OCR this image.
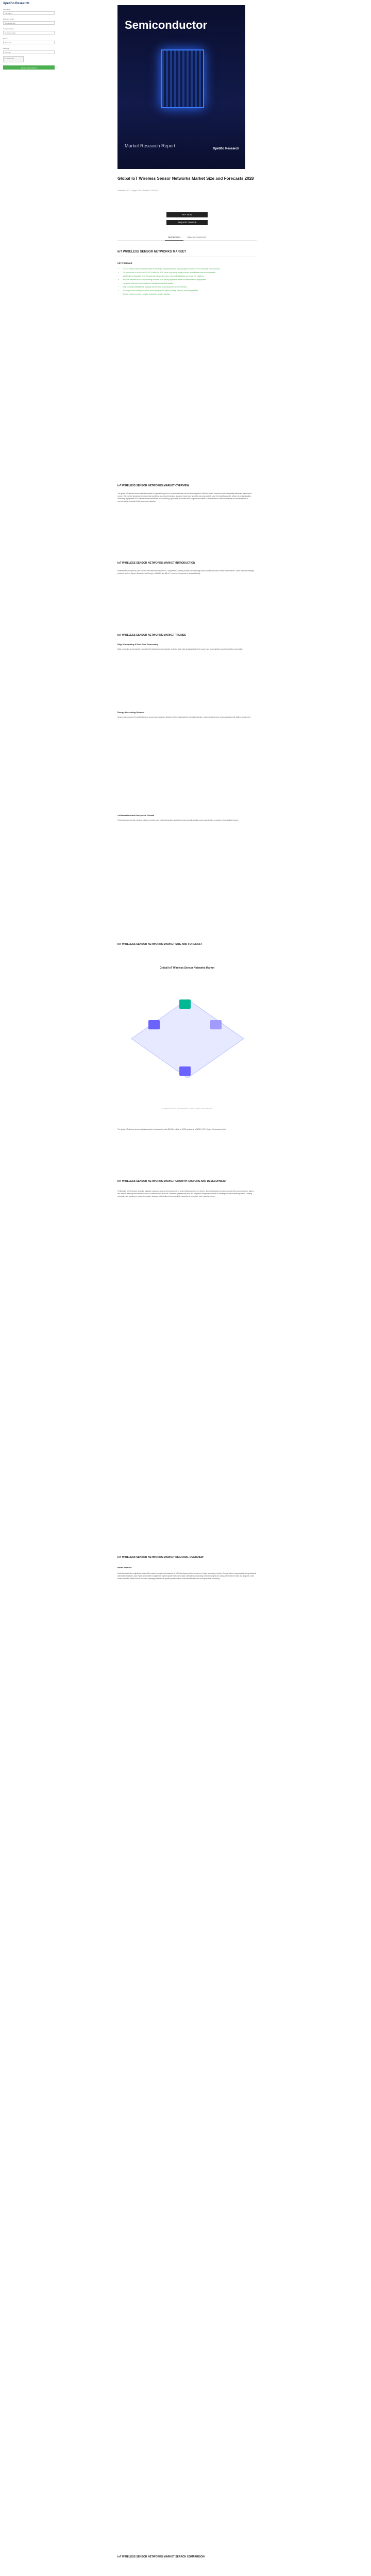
Xpetifio Research
Full Name
Full Name
Business Email
Business Email
Company Name
Company Name
Phone
Phone No.
Message
Message
I'm not a robot
DOWNLOAD SAMPLE
Semiconductor
Market Research Report
Xpetifio Research
Global IoT Wireless Sensor Networks Market Size and Forecasts 2028
Published: 2022 | Pages: 190 | Report ID: SR-2019
BUY NOW
REQUEST SAMPLE
DESCRIPTION	TABLE OF CONTENTS
IoT WIRELESS SENSOR NETWORKS MARKET
KEY FINDINGS
• The IoT wireless sensor networks market is witnessing substantial growth, with a projected CAGR of 27.1% during the forecast period.
• The market size is set to reach $4,542.4 million by 2028, driven by growing adoption across smart infrastructure and automation.
• Asia-Pacific is anticipated to be the fastest-growing region due to rapid industrialization and smart city initiatives.
• Industrial automation and smart buildings continue to be the key application areas for wireless sensor deployments.
• Low-power wide-area technologies are reshaping connectivity options.
• Edge computing integration is enabling real-time data processing within sensor networks.
• Key players are investing in research and development to improve energy efficiency and interoperability.
• Security concerns remain a notable restraint for broader adoption.
IoT WIRELESS SENSOR NETWORKS MARKET OVERVIEW
The global IoT wireless sensor networks market is expected to grow at a considerable rate over the forecast period. Wireless sensor networks consist of spatially distributed autonomous sensors that monitor physical or environmental conditions, such as temperature, sound, pressure and humidity, and cooperatively pass their data through the network to a main location. Increasing deployment of IoT devices across healthcare, manufacturing, agriculture, and smart cities supports the market. Cost reductions in sensor hardware and advancements in communication protocols further accelerate adoption.
IoT WIRELESS SENSOR NETWORKS MARKET INTRODUCTION
Wireless sensor networks have become the backbone of modern IoT ecosystems, allowing continuous monitoring across remote and hard-to-reach environments. These networks leverage protocols such as Zigbee, Bluetooth Low Energy, LoRaWAN and NB-IoT to connect thousands of nodes efficiently.
IoT WIRELESS SENSOR NETWORKS MARKET TRENDS
Edge Computing & Real-Time Processing
Edge computing is increasingly integrated with wireless sensor networks, enabling faster data analysis close to the source and reducing latency and bandwidth consumption.
Energy Harvesting Sensors
Sensor nodes powered by ambient energy sources such as solar, vibration and thermal gradients are gaining traction, reducing maintenance costs associated with battery replacement.
Collaboration and Ecosystem Growth
Partnerships among chip vendors, platform providers and system integrators are fostering interoperable solutions and expanding the ecosystem of compatible devices.
IoT WIRELESS SENSOR NETWORKS MARKET SIZE AND FORECAST
Global IoT Wireless Sensor Networks Market
IoT Wireless Sensor Networks Market - Market Analysis Forecast Period
The global IoT wireless sensor networks market is projected to reach $4,542.4 million by 2028, growing at a CAGR of 27.1% over the forecast period.
IoT WIRELESS SENSOR NETWORKS MARKET GROWTH FACTORS AND DEVELOPMENT
Proliferation of IoT devices, declining hardware costs and government investments in smart infrastructure are key drivers. Market development is also supported by improvements in battery life, network reliability and standardization of communication protocols. However, cybersecurity risks and integration complexity continue to challenge broader market expansion. Leading companies are focusing on product innovation, strategic collaborations and geographic expansion to strengthen their market presence.
IoT WIRELESS SENSOR NETWORKS MARKET REGIONAL OVERVIEW
North America
North America holds a significant share of the market owing to early adoption of IoT technologies and the presence of major technology vendors. Europe follows, supported by strong industrial automation initiatives. Asia-Pacific is expected to register the highest growth rate due to rapid urbanization, expanding manufacturing sectors and government-led smart city programs. Latin America and the Middle East & Africa are emerging markets with growing investments in connected infrastructure and agricultural monitoring.
IoT WIRELESS SENSOR NETWORKS MARKET SEARCH COMPARISON
